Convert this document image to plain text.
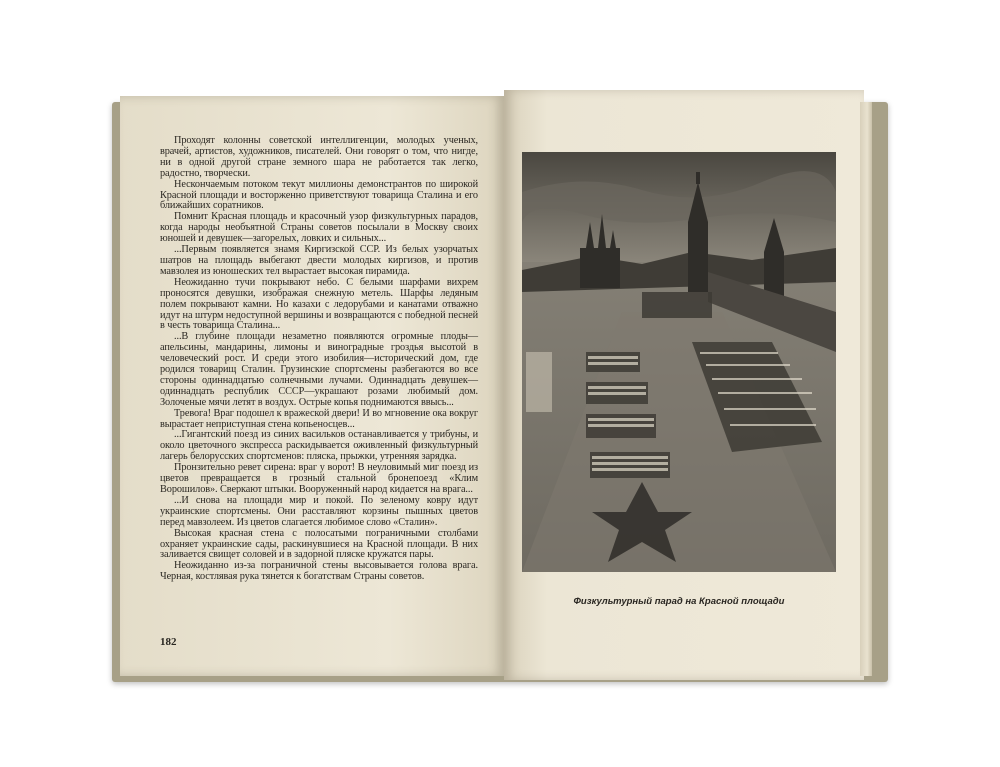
Проходят колонны советской интеллигенции, молодых ученых, врачей, артистов, художников, писателей. Они говорят о том, что нигде, ни в одной другой стране земного шара не работается так легко, радостно, творчески.

Нескончаемым потоком текут миллионы демонстрантов по широкой Красной площади и восторженно приветствуют товарища Сталина и его ближайших соратников.

Помнит Красная площадь и красочный узор физкультурных парадов, когда народы необъятной Страны советов посылали в Москву своих юношей и девушек—загорелых, ловких и сильных...

...Первым появляется знамя Киргизской ССР. Из белых узорчатых шатров на площадь выбегают двести молодых киргизов, и против мавзолея из юношеских тел вырастает высокая пирамида.

Неожиданно тучи покрывают небо. С белыми шарфами вихрем проносятся девушки, изображая снежную метель. Шарфы ледяным полем покрывают камни. Но казахи с ледорубами и канатами отважно идут на штурм недоступной вершины и возвращаются с победной песней в честь товарища Сталина...

...В глубине площади незаметно появляются огромные плоды—апельсины, мандарины, лимоны и виноградные гроздья высотой в человеческий рост. И среди этого изобилия—исторический дом, где родился товарищ Сталин. Грузинские спортсмены разбегаются во все стороны одиннадцатью солнечными лучами. Одиннадцать девушек—одиннадцать республик СССР—украшают розами любимый дом. Золоченые мячи летят в воздух. Острые копья поднимаются ввысь...

Тревога! Враг подошел к вражеской двери! И во мгновение ока вокруг вырастает неприступная стена копьеносцев...

...Гигантский поезд из синих васильков останавливается у трибуны, и около цветочного экспресса раскидывается оживленный физкультурный лагерь белорусских спортсменов: пляска, прыжки, утренняя зарядка.

Пронзительно ревет сирена: враг у ворот! В неуловимый миг поезд из цветов превращается в грозный стальной бронепоезд «Клим Ворошилов». Сверкают штыки. Вооруженный народ кидается на врага...

...И снова на площади мир и покой. По зеленому ковру идут украинские спортсмены. Они расставляют корзины пышных цветов перед мавзолеем. Из цветов слагается любимое слово «Сталин».

Высокая красная стена с полосатыми пограничными столбами охраняет украинские сады, раскинувшиеся на Красной площади. В них заливается свищет соловей и в задорной пляске кружатся пары.

Неожиданно из-за пограничной стены высовывается голова врага. Черная, костлявая рука тянется к богатствам Страны советов.

182
Физкультурный парад на Красной площади
